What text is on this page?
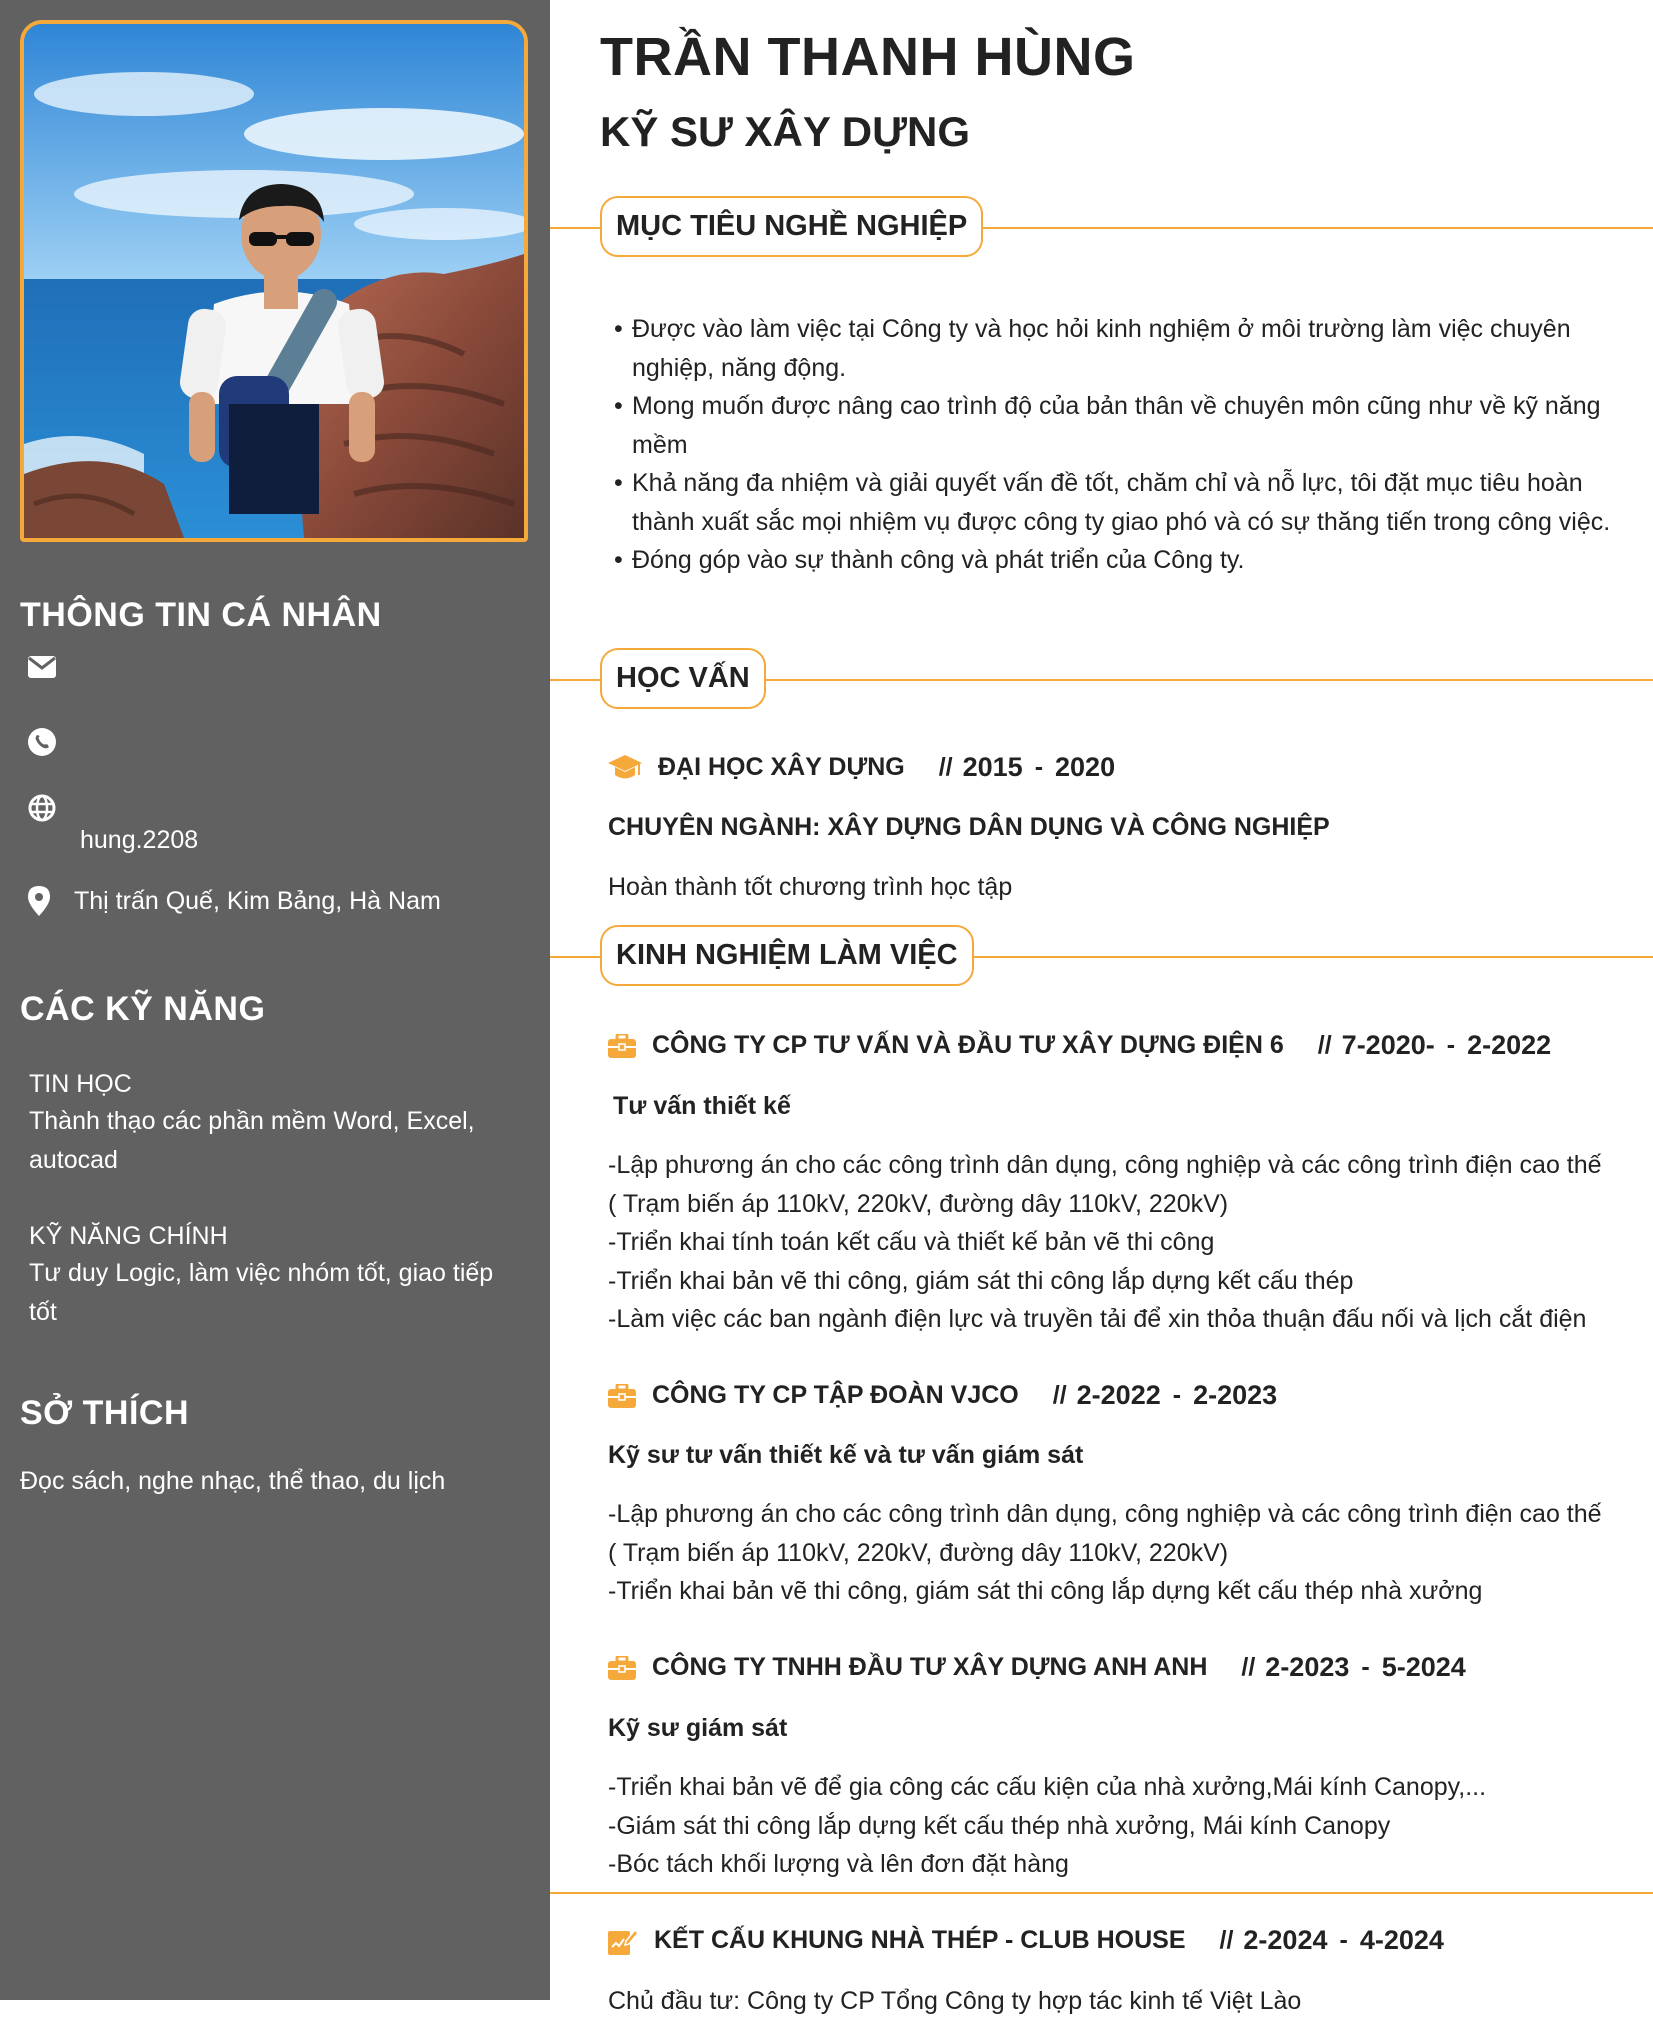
THÔNG TIN CÁ NHÂN
hung.2208
Thị trấn Quế, Kim Bảng, Hà Nam
CÁC KỸ NĂNG
TIN HỌC
Thành thạo các phần mềm Word, Excel, autocad
KỸ NĂNG CHÍNH
Tư duy Logic, làm việc nhóm tốt, giao tiếp tốt
SỞ THÍCH
Đọc sách, nghe nhạc, thể thao, du lịch
TRẦN THANH HÙNG
KỸ SƯ XÂY DỰNG
MỤC TIÊU NGHỀ NGHIỆP
• Được vào làm việc tại Công ty và học hỏi kinh nghiệm ở môi trường làm việc chuyên nghiệp, năng động.
• Mong muốn được nâng cao trình độ của bản thân về chuyên môn cũng như về kỹ năng mềm
• Khả năng đa nhiệm và giải quyết vấn đề tốt, chăm chỉ và nỗ lực, tôi đặt mục tiêu hoàn thành xuất sắc mọi nhiệm vụ được công ty giao phó và có sự thăng tiến trong công việc.
• Đóng góp vào sự thành công và phát triển của Công ty.
HỌC VẤN
ĐẠI HỌC XÂY DỰNG // 2015 - 2020

CHUYÊN NGÀNH: XÂY DỰNG DÂN DỤNG VÀ CÔNG NGHIỆP

Hoàn thành tốt chương trình học tập

KINH NGHIỆM LÀM VIỆC
CÔNG TY CP TƯ VẤN VÀ ĐẦU TƯ XÂY DỰNG ĐIỆN 6 // 7-2020- - 2-2022

Tư vấn thiết kế

-Lập phương án cho các công trình dân dụng, công nghiệp và các công trình điện cao thế
( Trạm biến áp 110kV, 220kV, đường dây 110kV, 220kV)
-Triển khai tính toán kết cấu và thiết kế bản vẽ thi công
-Triển khai bản vẽ thi công, giám sát thi công lắp dựng kết cấu thép
-Làm việc các ban ngành điện lực và truyền tải để xin thỏa thuận đấu nối và lịch cắt điện
CÔNG TY CP TẬP ĐOÀN VJCO // 2-2022 - 2-2023

Kỹ sư tư vấn thiết kế và tư vấn giám sát

-Lập phương án cho các công trình dân dụng, công nghiệp và các công trình điện cao thế
( Trạm biến áp 110kV, 220kV, đường dây 110kV, 220kV)
-Triển khai bản vẽ thi công, giám sát thi công lắp dựng kết cấu thép nhà xưởng
CÔNG TY TNHH ĐẦU TƯ XÂY DỰNG ANH ANH // 2-2023 - 5-2024

Kỹ sư giám sát

-Triển khai bản vẽ để gia công các cấu kiện của nhà xưởng,Mái kính Canopy,...
-Giám sát thi công lắp dựng kết cấu thép nhà xưởng, Mái kính Canopy
-Bóc tách khối lượng và lên đơn đặt hàng
KẾT CẤU KHUNG NHÀ THÉP - CLUB HOUSE // 2-2024 - 4-2024
Chủ đầu tư: Công ty CP Tổng Công ty hợp tác kinh tế Việt Lào
